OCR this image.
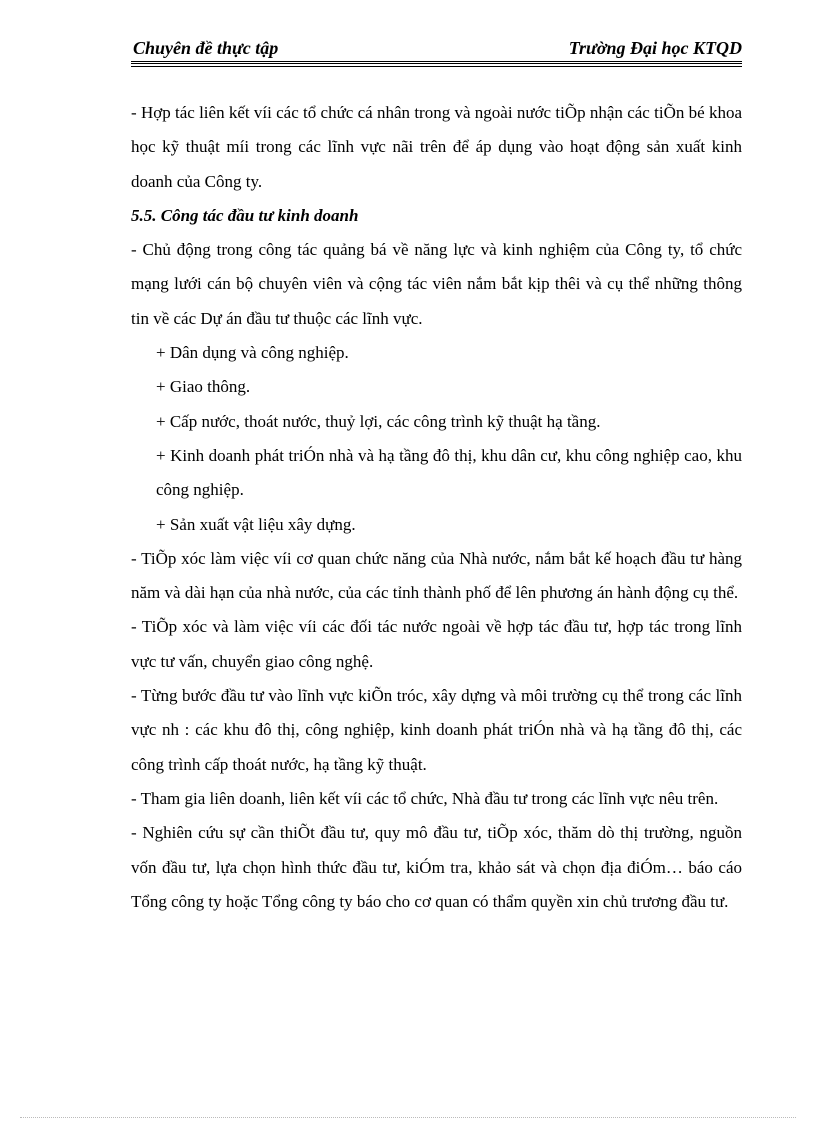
Chuyên đề thực tập	Trường Đại học KTQD

- Hợp tác liên kết víi các tổ chức cá nhân trong và ngoài nước tiÕp nhận các tiÕn bé khoa học kỹ thuật míi trong các lĩnh vực nãi trên để áp dụng vào hoạt động sản xuất kinh doanh của Công ty.

5.5. Công tác đầu tư kinh doanh

- Chủ động trong công tác quảng bá về năng lực và kinh nghiệm của Công ty, tổ chức mạng lưới cán bộ chuyên viên và cộng tác viên nắm bắt kịp thêi và cụ thể những thông tin về các Dự án đầu tư thuộc các lĩnh vực.

+ Dân dụng và công nghiệp.

+ Giao thông.

+ Cấp nước, thoát nước, thuỷ lợi, các công trình kỹ thuật hạ tầng.

+ Kinh doanh phát triÓn nhà và hạ tầng đô thị, khu dân cư, khu công nghiệp cao, khu công nghiệp.

+ Sản xuất vật liệu xây dựng.

- TiÕp xóc làm việc víi cơ quan chức năng của Nhà nước, nắm bắt kế hoạch đầu tư hàng năm và dài hạn của nhà nước, của các tỉnh thành phố để lên phương án hành động cụ thể.

- TiÕp xóc và làm việc víi các đối tác nước ngoài về hợp tác đầu tư, hợp tác trong lĩnh vực tư vấn, chuyển giao công nghệ.

- Từng bước đầu tư vào lĩnh vực kiÕn tróc, xây dựng và môi trường cụ thể trong các lĩnh vực nh : các khu đô thị, công nghiệp, kinh doanh phát triÓn nhà và hạ tầng đô thị, các công trình cấp thoát nước, hạ tầng kỹ thuật.

- Tham gia liên doanh, liên kết víi các tổ chức, Nhà đầu tư trong các lĩnh vực nêu trên.

- Nghiên cứu sự cần thiÕt đầu tư, quy mô đầu tư, tiÕp xóc, thăm dò thị trường, nguồn vốn đầu tư, lựa chọn hình thức đầu tư, kiÓm tra, khảo sát và chọn địa điÓm… báo cáo Tổng công ty hoặc Tổng công ty báo cho cơ quan có thẩm quyền xin chủ trương đầu tư.
